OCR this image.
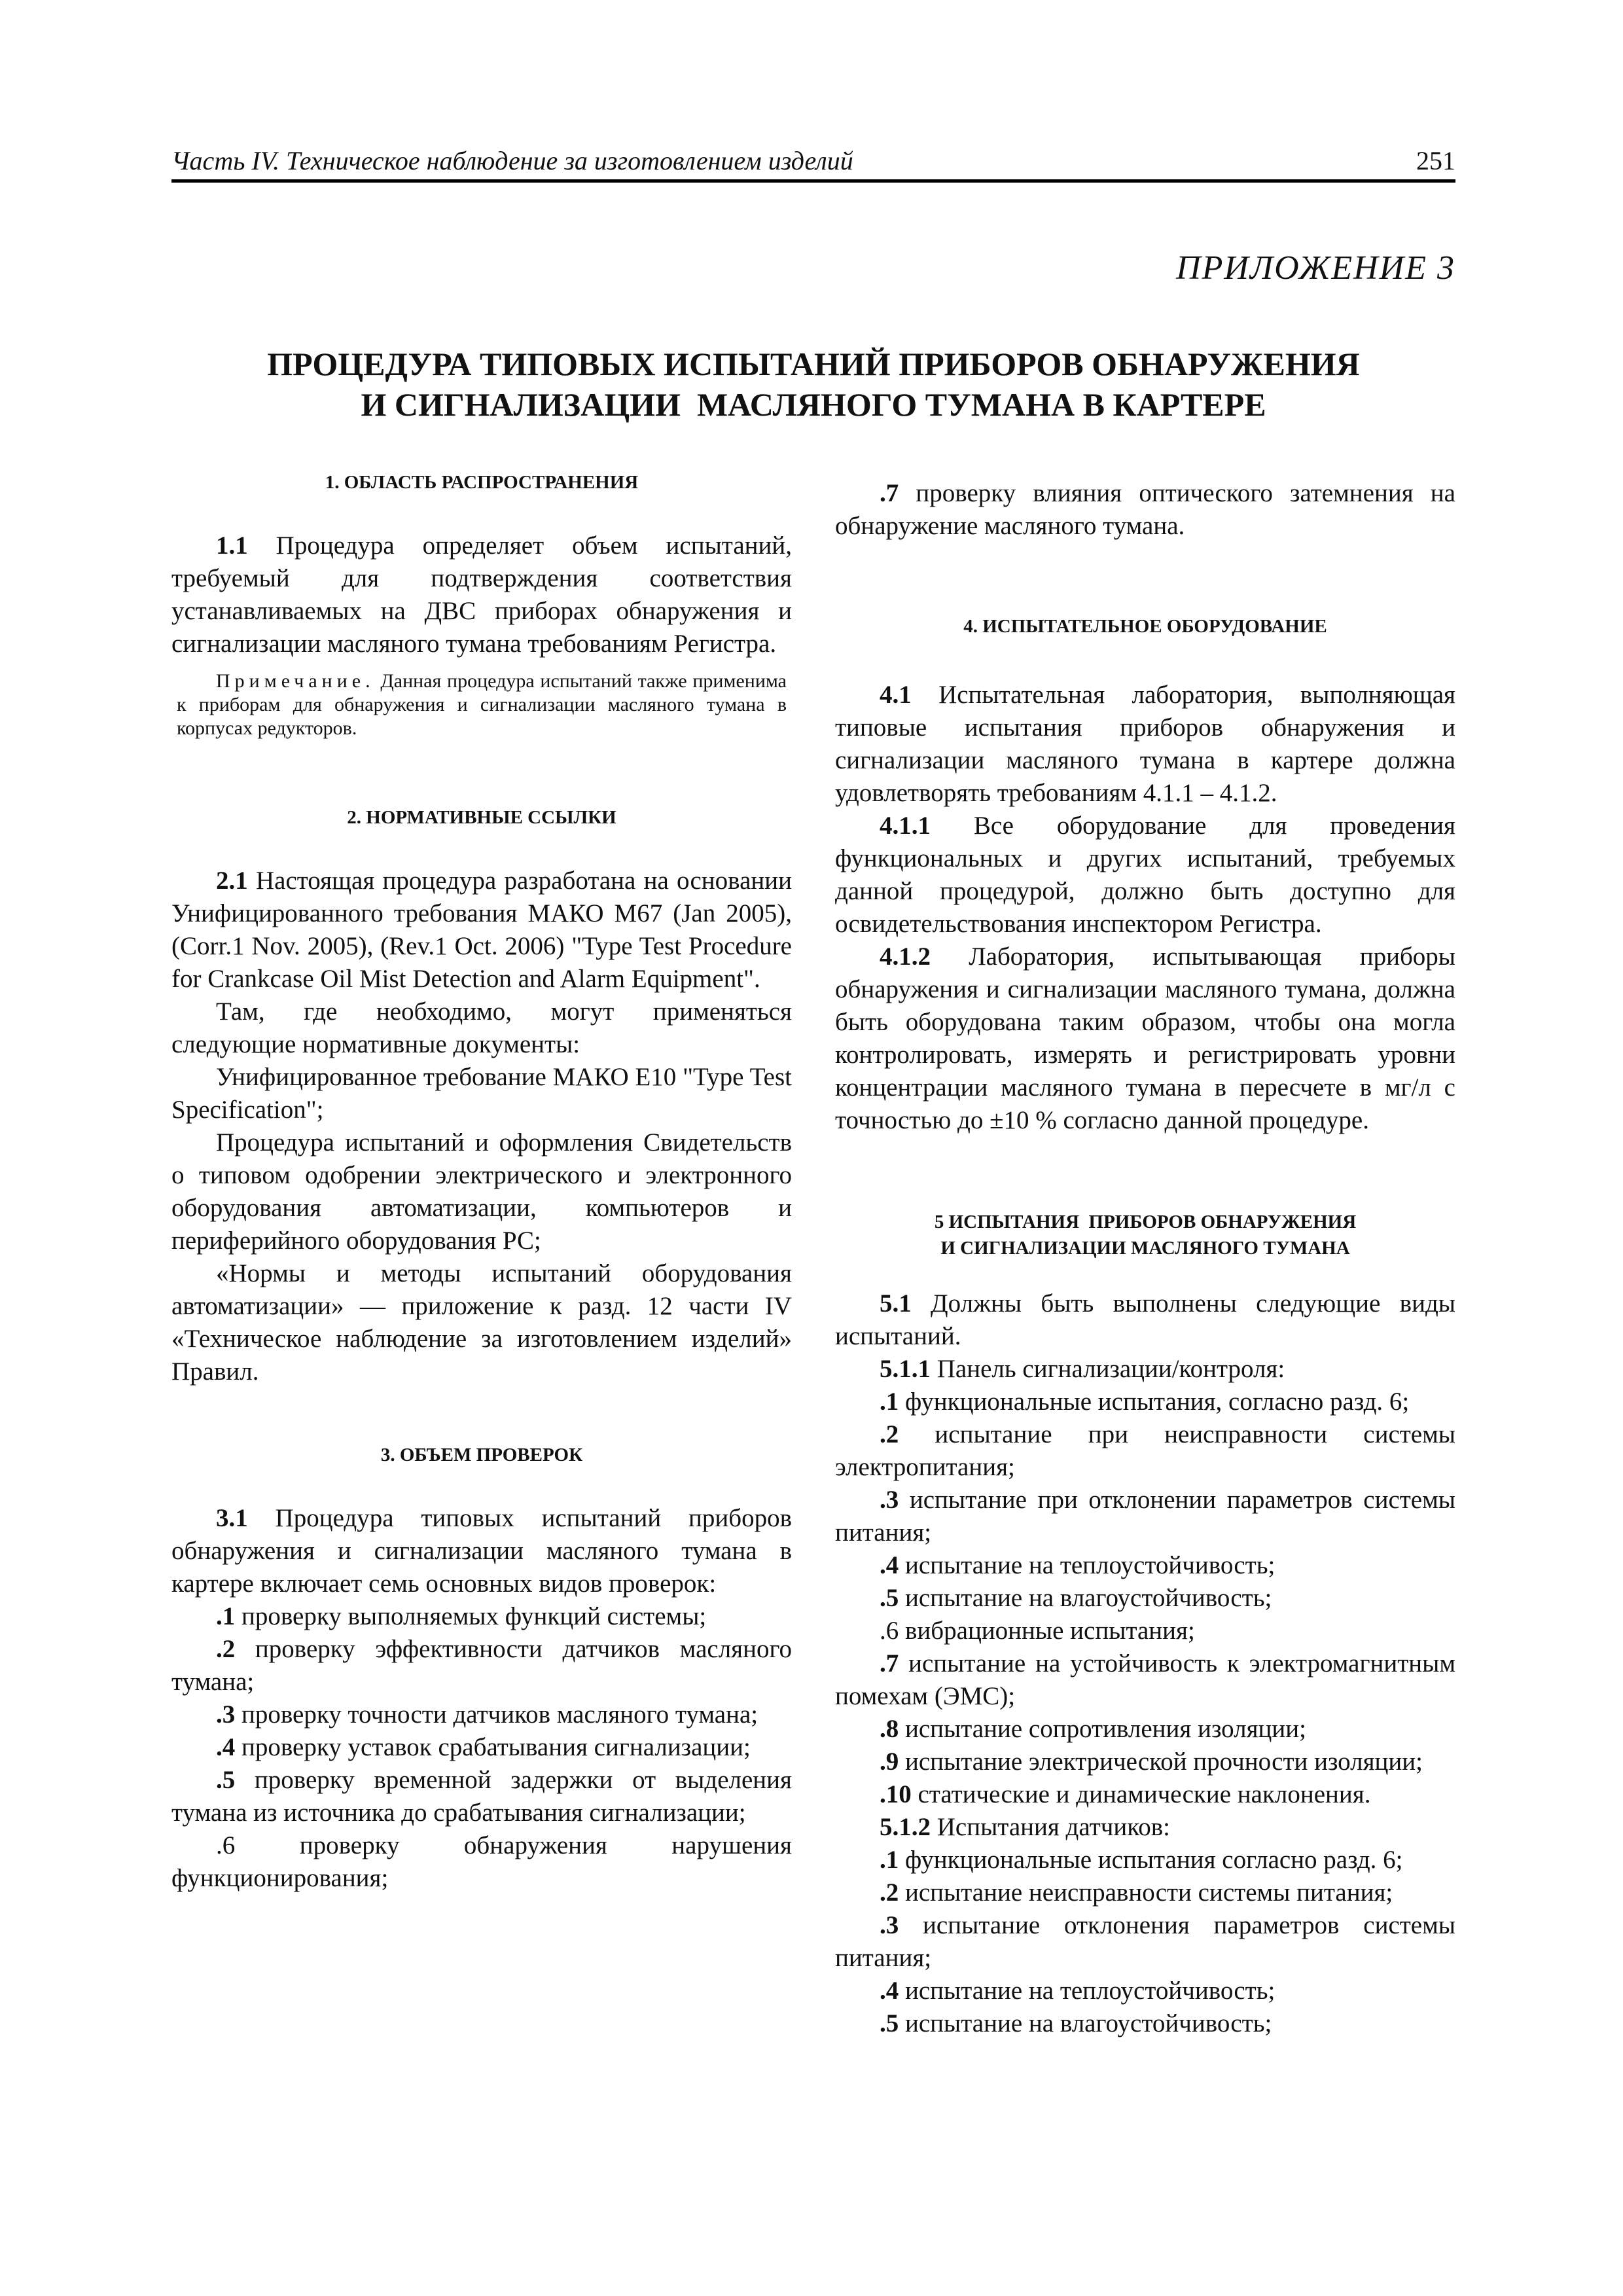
Часть IV. Техническое наблюдение за изготовлением изделий	251
ПРИЛОЖЕНИЕ 3
ПРОЦЕДУРА ТИПОВЫХ ИСПЫТАНИЙ ПРИБОРОВ ОБНАРУЖЕНИЯ
И СИГНАЛИЗАЦИИ  МАСЛЯНОГО ТУМАНА В КАРТЕРЕ
1. ОБЛАСТЬ РАСПРОСТРАНЕНИЯ

1.1 Процедура определяет объем испытаний, требуемый для подтверждения соответствия устанавливаемых на ДВС приборах обнаружения и сигнализации масляного тумана требованиям Регистра.

Примечание. Данная процедура испытаний также применима к приборам для обнаружения и сигнализации масляного тумана в корпусах редукторов.

2. НОРМАТИВНЫЕ ССЫЛКИ

2.1 Настоящая процедура разработана на основании Унифицированного требования МАКО M67 (Jan 2005), (Corr.1 Nov. 2005), (Rev.1 Oct. 2006) "Type Test Procedure for Crankcase Oil Mist Detection and Alarm Equipment".

Там, где необходимо, могут применяться следующие нормативные документы:

Унифицированное требование МАКО E10 "Type Test Specification";

Процедура испытаний и оформления Свидетельств о типовом одобрении электрического и электронного оборудования автоматизации, компьютеров и периферийного оборудования РС;

«Нормы и методы испытаний оборудования автоматизации» — приложение к разд. 12 части IV «Техническое наблюдение за изготовлением изделий» Правил.

3. ОБЪЕМ ПРОВЕРОК

3.1 Процедура типовых испытаний приборов обнаружения и сигнализации масляного тумана в картере включает семь основных видов проверок:

.1 проверку выполняемых функций системы;

.2 проверку эффективности датчиков масляного тумана;

.3 проверку точности датчиков масляного тумана;

.4 проверку уставок срабатывания сигнализации;

.5 проверку временной задержки от выделения тумана из источника до срабатывания сигнализации;

.6 проверку обнаружения нарушения функционирования;

.7 проверку влияния оптического затемнения на обнаружение масляного тумана.

4. ИСПЫТАТЕЛЬНОЕ ОБОРУДОВАНИЕ

4.1 Испытательная лаборатория, выполняющая типовые испытания приборов обнаружения и сигнализации масляного тумана в картере должна удовлетворять требованиям 4.1.1 – 4.1.2.

4.1.1 Все оборудование для проведения функциональных и других испытаний, требуемых данной процедурой, должно быть доступно для освидетельствования инспектором Регистра.

4.1.2 Лаборатория, испытывающая приборы обнаружения и сигнализации масляного тумана, должна быть оборудована таким образом, чтобы она могла контролировать, измерять и регистрировать уровни концентрации масляного тумана в пересчете в мг/л с точностью до ±10 % согласно данной процедуре.

5 ИСПЫТАНИЯ  ПРИБОРОВ ОБНАРУЖЕНИЯ
И СИГНАЛИЗАЦИИ МАСЛЯНОГО ТУМАНА

5.1 Должны быть выполнены следующие виды испытаний.

5.1.1 Панель сигнализации/контроля:

.1 функциональные испытания, согласно разд. 6;

.2 испытание при неисправности системы электропитания;

.3 испытание при отклонении параметров системы питания;

.4 испытание на теплоустойчивость;

.5 испытание на влагоустойчивость;

.6 вибрационные испытания;

.7 испытание на устойчивость к электромагнитным помехам (ЭМС);

.8 испытание сопротивления изоляции;

.9 испытание электрической прочности изоляции;

.10 статические и динамические наклонения.

5.1.2 Испытания датчиков:

.1 функциональные испытания согласно разд. 6;

.2 испытание неисправности системы питания;

.3 испытание отклонения параметров системы питания;

.4 испытание на теплоустойчивость;

.5 испытание на влагоустойчивость;
